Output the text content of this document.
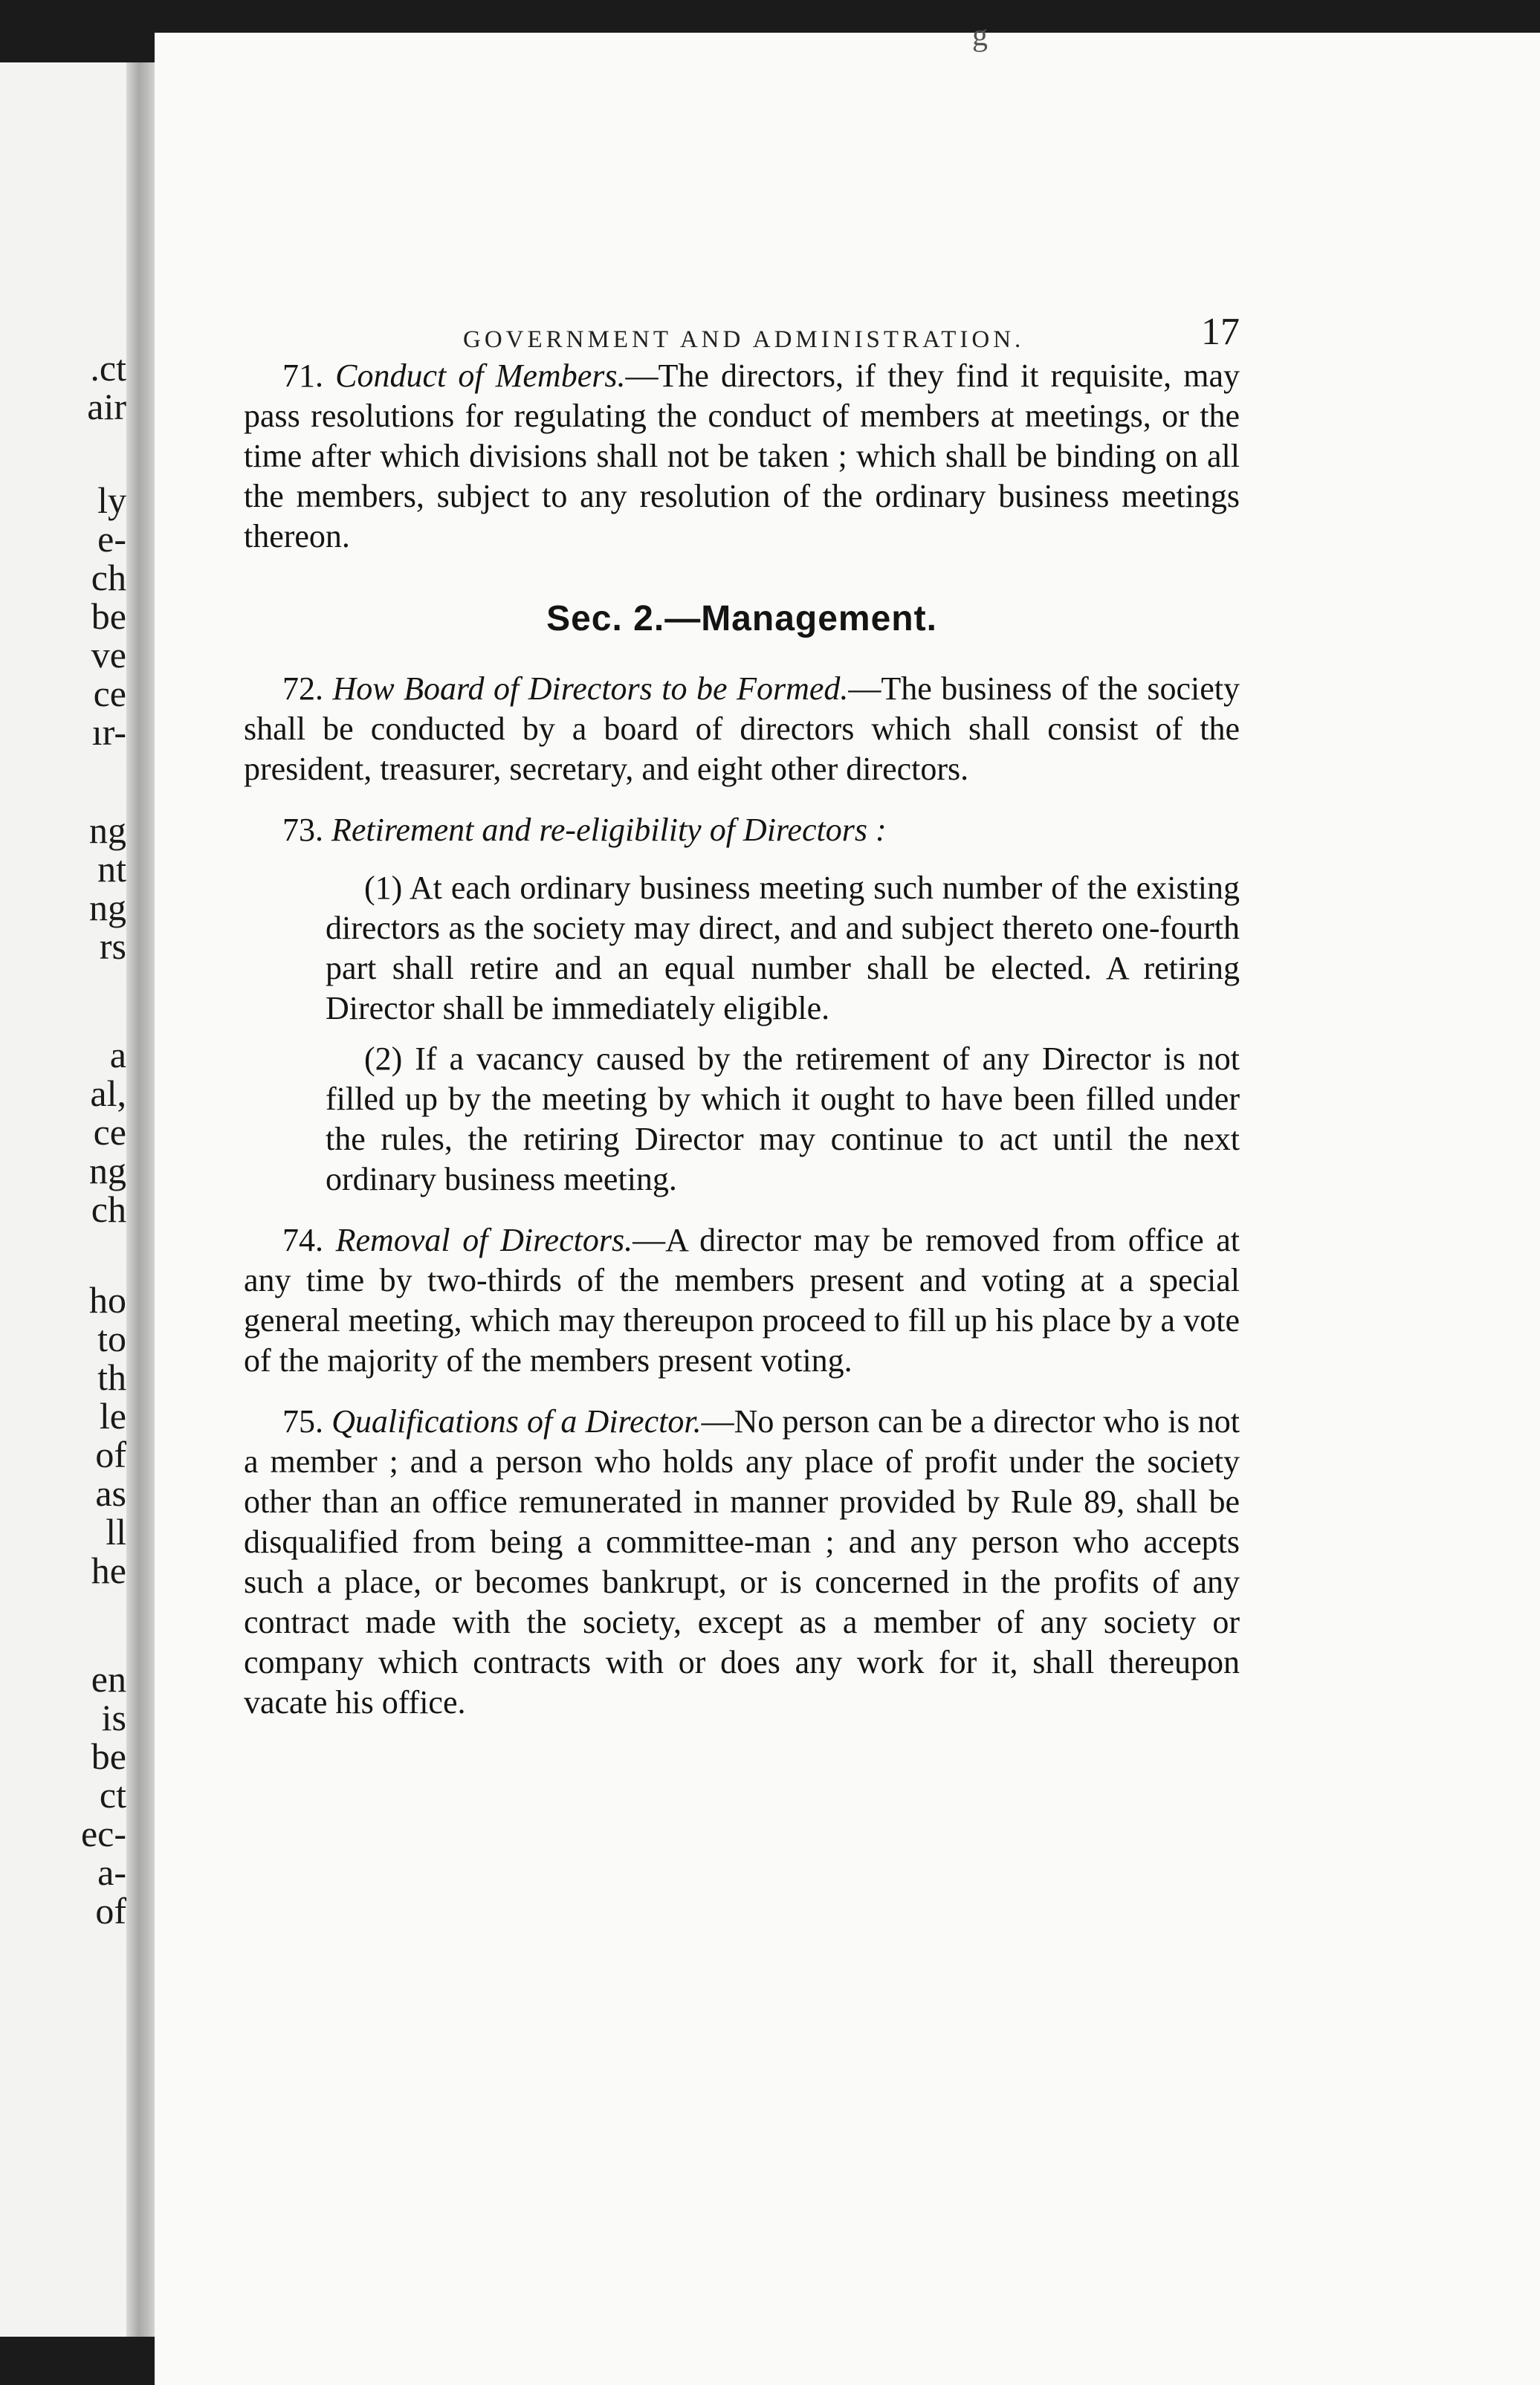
.ct
air
ly
e-
ch
be
ve
ce
ır-
ng
nt
ng
rs
a
al,
ce
ng
ch
ho
to
th
le
of
as
ll
he
en
is
be
ct
ec-
a-
of
g
GOVERNMENT AND ADMINISTRATION.	17

71. Conduct of Members.—The directors, if they find it requisite, may pass resolutions for regulating the conduct of members at meetings, or the time after which divisions shall not be taken ; which shall be binding on all the members, subject to any resolution of the ordinary business meetings thereon.

Sec. 2.—Management.

72. How Board of Directors to be Formed.—The business of the society shall be conducted by a board of directors which shall consist of the president, treasurer, secretary, and eight other directors.

73. Retirement and re-eligibility of Directors :

(1) At each ordinary business meeting such number of the existing directors as the society may direct, and and subject thereto one-fourth part shall retire and an equal number shall be elected. A retiring Director shall be immediately eligible.

(2) If a vacancy caused by the retirement of any Director is not filled up by the meeting by which it ought to have been filled under the rules, the retiring Director may continue to act until the next ordinary business meeting.

74. Removal of Directors.—A director may be removed from office at any time by two-thirds of the members present and voting at a special general meeting, which may thereupon proceed to fill up his place by a vote of the majority of the members present voting.

75. Qualifications of a Director.—No person can be a director who is not a member ; and a person who holds any place of profit under the society other than an office remunerated in manner provided by Rule 89, shall be disqualified from being a committee-man ; and any person who accepts such a place, or becomes bankrupt, or is concerned in the profits of any contract made with the society, except as a member of any society or company which contracts with or does any work for it, shall thereupon vacate his office.
